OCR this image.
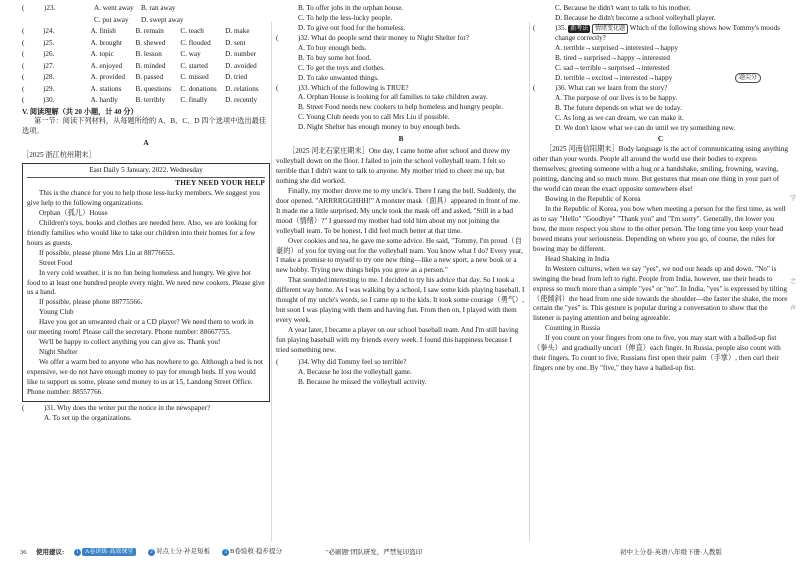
(	)23.	A. went away	B. ran away
C. put away	D. swept away
(	)24.	A. finish	B. remain	C. teach	D. make
(	)25.	A. brought	B. shewed	C. flooded	D. sent
(	)26.	A. topic	B. lesson	C. way	D. number
(	)27.	A. enjoyed	B. minded	C. started	D. avoided
(	)28.	A. provided	B. passed	C. missed	D. tried
(	)29.	A. stations	B. questions	C. donations	D. relations
(	)30.	A. hardly	B. terribly	C. finally	D. recently

V. 阅读理解（共 20 小题，计 40 分）

第一节：阅读下列材料，从每题所给的 A、B、C、D 四个选项中选出最佳选项。

A

［2025 浙江杭州期末］

East Daily 5 January, 2022, Wednesday
THEY NEED YOUR HELP

This is the chance for you to help those less-lucky members. We suggest you give help to the following organizations.

Orphan（孤儿）House

Children's toys, books and clothes are needed here. Also, we are looking for friendly families who would like to take our children into their homes for a few hours as guests.

If possible, please phone Mrs Liu at 88776655.

Street Food

In very cold weather, it is no fun being homeless and hungry. We give hot food to at least one hundred people every night. We need new cookers. Please give us a hand.

If possible, please phone 88775566.

Young Club

Have you got an unwanted chair or a CD player? We need them to work in our meeting room! Please call the secretary. Phone number: 88667755.

We'll be happy to collect anything you can give us. Thank you!

Night Shelter

We offer a warm bed to anyone who has nowhere to go. Although a bed is not expensive, we do not have enough money to pay for enough beds. If you would like to support us some, please send money to us at 15, Landong Street Office. Phone number: 88557766.

(	)31. Why does the writer put the notice in the newspaper?

A. To set up the organizations.

B. To offer jobs in the orphan house.

C. To help the less-lucky people.

D. To give out food for the homeless.

(	)32. What do people send their money to Night Shelter for?

A. To buy enough beds.

B. To buy some hot food.

C. To get the toys and clothes.

D. To take unwanted things.

(	)33. Which of the following is TRUE?

A. Orphan House is looking for all families to take children away.

B. Street Food needs new cookers to help homeless and hungry people.

C. Young Club needs you to call Mrs Liu if possible.

D. Night Shelter has enough money to buy enough beds.

B

［2025 河北石家庄期末］One day, I came home after school and threw my volleyball down on the floor. I failed to join the school volleyball team. I felt so terrible that I didn't want to talk to anyone. My mother tried to cheer me up, but nothing she did worked.

Finally, my mother drove me to my uncle's. There I rang the bell. Suddenly, the door opened. "ARRRRGGHHH!" A monster mask（面具）appeared in front of me. It made me a little surprised. My uncle took the mask off and asked, "Still in a bad mood（情绪）?" I guessed my mother had told him about my not joining the volleyball team. To be honest, I did feel much better at that time.

Over cookies and tea, he gave me some advice. He said, "Tommy, I'm proud（自豪的）of you for trying out for the volleyball team. You know what I do? Every year, I make a promise to myself to try one new thing—like a new sport, a new book or a new hobby. Trying new things helps you grow as a person."

That sounded interesting to me. I decided to try his advice that day. So I took a different way home. As I was walking by a school, I saw some kids playing baseball. I thought of my uncle's words, so I came up to the kids. It took some courage（勇气）, but soon I was playing with them and having fun. From then on, I played with them every week.

A year later, I became a player on our school baseball team. And I'm still having fun playing baseball with my friends every week. I found this happiness because I tried something new.

(	)34. Why did Tommy feel so terrible?

A. Because he lost the volleyball game.

B. Because he missed the volleyball activity.

C. Because he didn't want to talk to his mother.

D. Because he didn't become a school volleyball player.

(	)35. 新考法 情绪变化题 Which of the following shows how Tommy's moods change correctly?

A. terrible→surprised→interested→happy

B. tired→surprised→happy→interested

C. sad→terrible→surprised→interested

D. terrible→excited→interested→happy

(	)36. What can we learn from the story?

A. The purpose of our lives is to be happy.

B. The future depends on what we do today.

C. As long as we can dream, we can make it.

D. We don't know what we can do until we try something new.

C

［2025 河南信阳期末］Body language is the act of communicating using anything other than your words. People all around the world use their bodies to express themselves; greeting someone with a hug or a handshake, smiling, frowning, waving, pointing, dancing and so much more. But gestures that mean one thing in your part of the world can mean the exact opposite somewhere else!

Bowing in the Republic of Korea

In the Republic of Korea, you bow when meeting a person for the first time, as well as to say "Hello" "Goodbye" "Thank you" and "I'm sorry". Generally, the lower you bow, the more respect you show to the other person. The long time you keep your head bowed means your seriousness. Depending on where you go, of course, the rules for bowing may be different.

Head Shaking in India

In Western cultures, when we say "yes", we nod our heads up and down. "No" is swinging the head from left to right. People from India, however, use their heads to express so much more than a simple "yes" or "no". In India, "yes" is expressed by tilting（使倾斜）the head from one side towards the shoulder—the faster the shake, the more certain the "yes" is. This gesture is popular during a conversation to show that the listener is paying attention and being agreeable.

Counting in Russia

If you count on your fingers from one to five, you may start with a balled-up fist（拳头）and gradually uncurl（伸直）each finger. In Russia, people also count with their fingers. To count to five, Russians first open their palm（手掌）, then curl their fingers one by one. By "five," they have a balled-up fist.

题尖分
学
之
声
36 使用建议:	1	A卷讲练·高效课堂	2 对点上分·补足短板	3 B卷验收·稳步提分	"必刷题"团队研发，严禁复印盗印	初中上分卷·英语八年级下册·人教版
